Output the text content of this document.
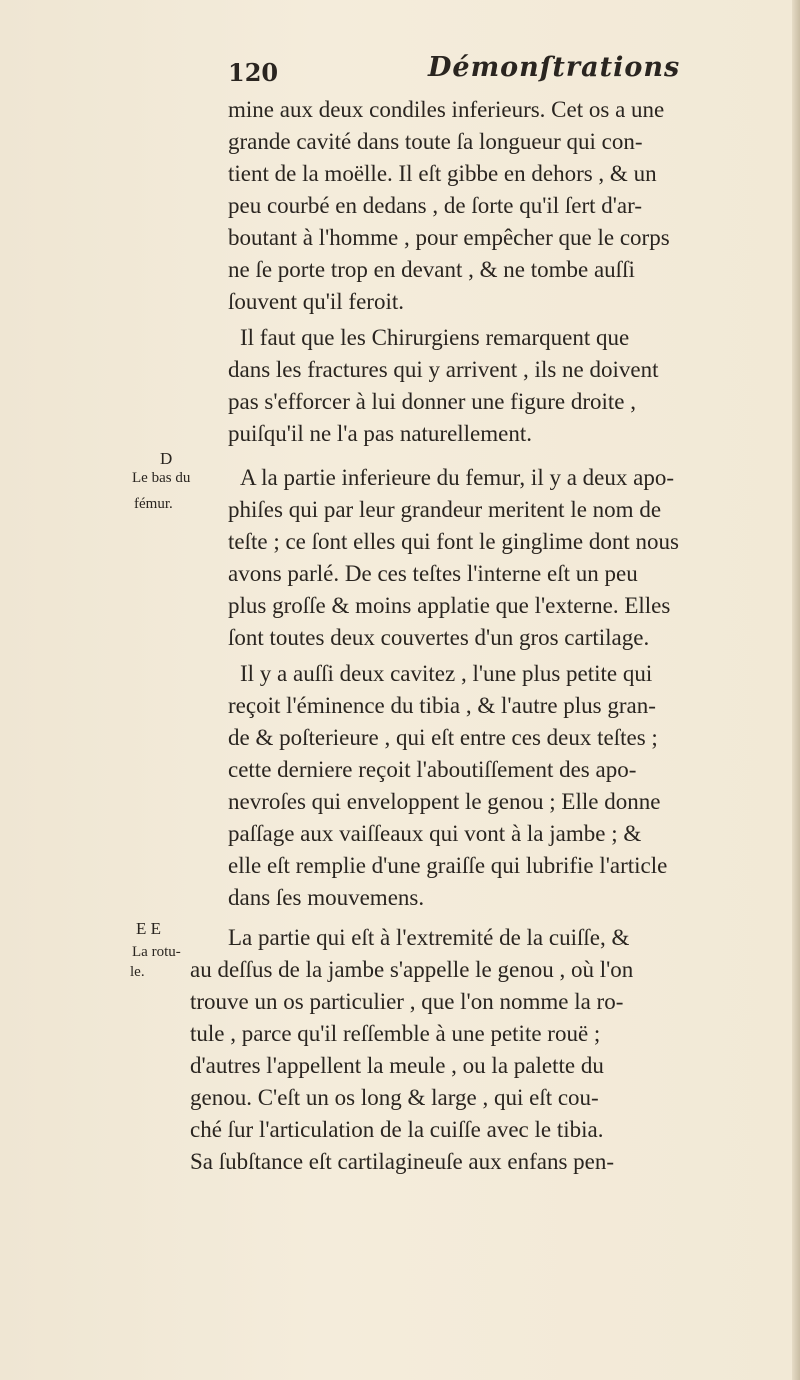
120	Démonſtrations
D
Le bas du
fémur.
E E
La rotu-
le.
mine aux deux condiles inferieurs. Cet os a une
grande cavité dans toute ſa longueur qui con-
tient de la moëlle. Il eſt gibbe en dehors , & un
peu courbé en dedans , de ſorte qu'il ſert d'ar-
boutant à l'homme , pour empêcher que le corps
ne ſe porte trop en devant , & ne tombe auſſi
ſouvent qu'il feroit.
Il faut que les Chirurgiens remarquent que
dans les fractures qui y arrivent , ils ne doivent
pas s'efforcer à lui donner une figure droite ,
puiſqu'il ne l'a pas naturellement.
A la partie inferieure du femur, il y a deux apo-
phiſes qui par leur grandeur meritent le nom de
teſte ; ce ſont elles qui font le ginglime dont nous
avons parlé. De ces teſtes l'interne eſt un peu
plus groſſe & moins applatie que l'externe. Elles
ſont toutes deux couvertes d'un gros cartilage.
Il y a auſſi deux cavitez , l'une plus petite qui
reçoit l'éminence du tibia , & l'autre plus gran-
de & poſterieure , qui eſt entre ces deux teſtes ;
cette derniere reçoit l'aboutiſſement des apo-
nevroſes qui enveloppent le genou ; Elle donne
paſſage aux vaiſſeaux qui vont à la jambe ; &
elle eſt remplie d'une graiſſe qui lubrifie l'article
dans ſes mouvemens.
La partie qui eſt à l'extremité de la cuiſſe, &
au deſſus de la jambe s'appelle le genou , où l'on
trouve un os particulier , que l'on nomme la ro-
tule , parce qu'il reſſemble à une petite rouë ;
d'autres l'appellent la meule , ou la palette du
genou. C'eſt un os long & large , qui eſt cou-
ché ſur l'articulation de la cuiſſe avec le tibia.
Sa ſubſtance eſt cartilagineuſe aux enfans pen-
